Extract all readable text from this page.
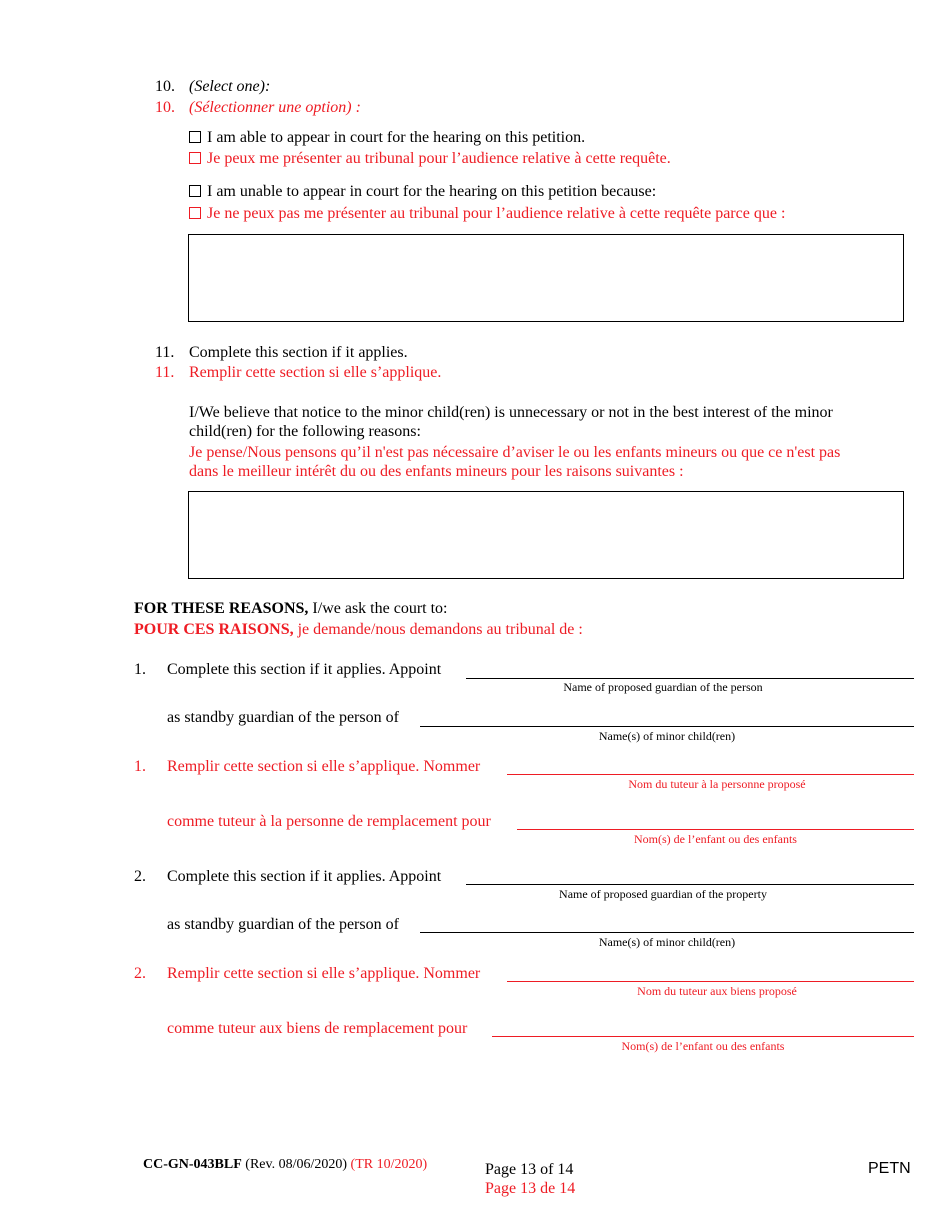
10. (Select one):
10. (Sélectionner une option) :
I am able to appear in court for the hearing on this petition.
Je peux me présenter au tribunal pour l’audience relative à cette requête.
I am unable to appear in court for the hearing on this petition because:
Je ne peux pas me présenter au tribunal pour l’audience relative à cette requête parce que :
11. Complete this section if it applies.
11. Remplir cette section si elle s’applique.
I/We believe that notice to the minor child(ren) is unnecessary or not in the best interest of the minor
child(ren) for the following reasons:
Je pense/Nous pensons qu’il n'est pas nécessaire d’aviser le ou les enfants mineurs ou que ce n'est pas
dans le meilleur intérêt du ou des enfants mineurs pour les raisons suivantes :
FOR THESE REASONS, I/we ask the court to:
POUR CES RAISONS, je demande/nous demandons au tribunal de :
1. Complete this section if it applies. Appoint
Name of proposed guardian of the person
as standby guardian of the person of
Name(s) of minor child(ren)
1. Remplir cette section si elle s’applique. Nommer
Nom du tuteur à la personne proposé
comme tuteur à la personne de remplacement pour
Nom(s) de l’enfant ou des enfants
2. Complete this section if it applies. Appoint
Name of proposed guardian of the property
as standby guardian of the person of
Name(s) of minor child(ren)
2. Remplir cette section si elle s’applique. Nommer
Nom du tuteur aux biens proposé
comme tuteur aux biens de remplacement pour
Nom(s) de l’enfant ou des enfants
CC-GN-043BLF (Rev. 08/06/2020) (TR 10/2020)	Page 13 of 14
Page 13 de 14
PETN
